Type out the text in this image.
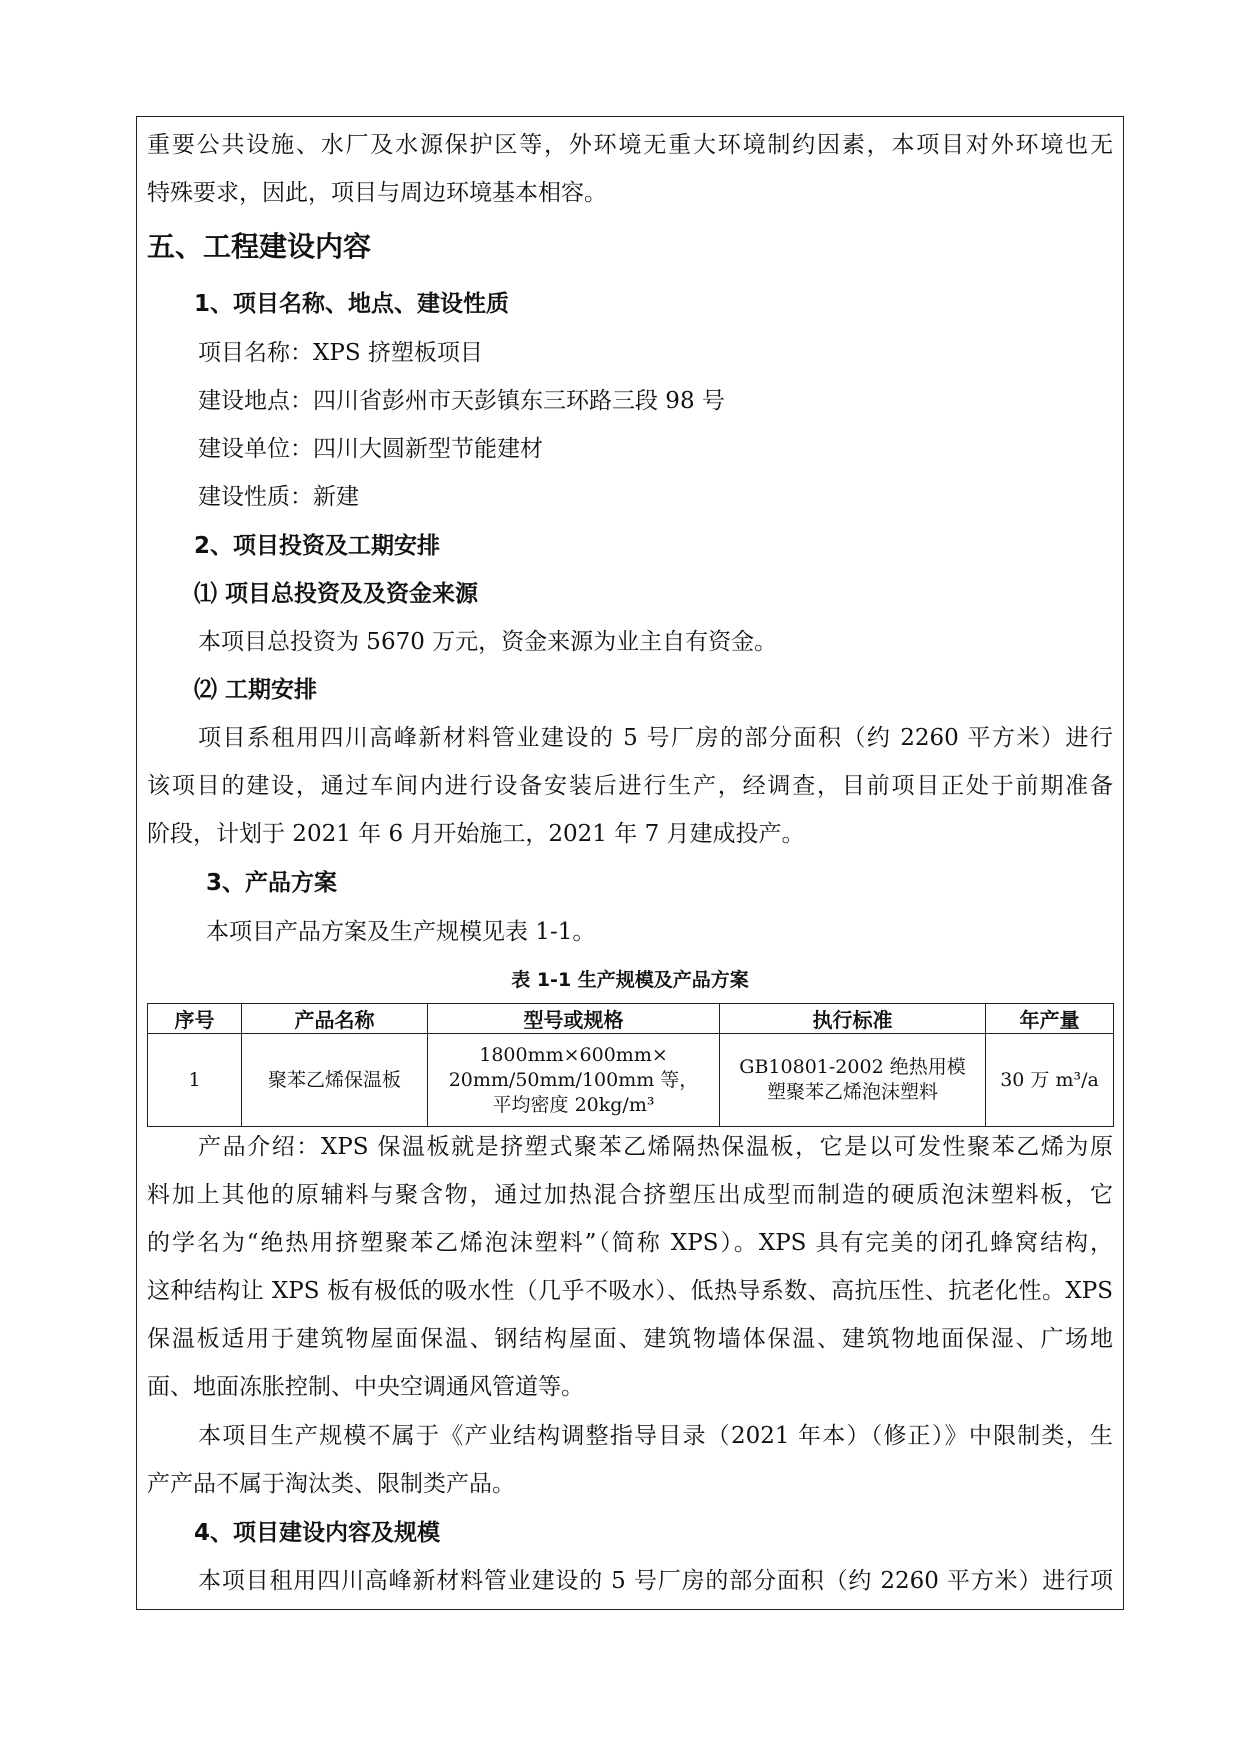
重要公共设施、水厂及水源保护区等，外环境无重大环境制约因素，本项目对外环境也无

特殊要求，因此，项目与周边环境基本相容。

五、工程建设内容
1、项目名称、地点、建设性质

项目名称：XPS 挤塑板项目

建设地点：四川省彭州市天彭镇东三环路三段 98 号

建设单位：四川大圆新型节能建材

建设性质：新建

2、项目投资及工期安排
⑴ 项目总投资及及资金来源

本项目总投资为 5670 万元，资金来源为业主自有资金。

⑵ 工期安排

项目系租用四川高峰新材料管业建设的 5 号厂房的部分面积（约 2260 平方米）进行

该项目的建设，通过车间内进行设备安装后进行生产，经调查，目前项目正处于前期准备

阶段，计划于 2021 年 6 月开始施工，2021 年 7 月建成投产。

3、产品方案

本项目产品方案及生产规模见表 1-1。

表 1-1 生产规模及产品方案

序号	产品名称	型号或规格	执行标准	年产量
1	聚苯乙烯保温板	1800mm×600mm×
20mm/50mm/100mm 等，
平均密度 20kg/m³	GB10801-2002 绝热用模
塑聚苯乙烯泡沫塑料	30 万 m³/a

产品介绍：XPS 保温板就是挤塑式聚苯乙烯隔热保温板，它是以可发性聚苯乙烯为原

料加上其他的原辅料与聚含物，通过加热混合挤塑压出成型而制造的硬质泡沫塑料板，它

的学名为“绝热用挤塑聚苯乙烯泡沫塑料”（简称 XPS）。XPS 具有完美的闭孔蜂窝结构，

这种结构让 XPS 板有极低的吸水性（几乎不吸水）、低热导系数、高抗压性、抗老化性。XPS

保温板适用于建筑物屋面保温、钢结构屋面、建筑物墙体保温、建筑物地面保湿、广场地

面、地面冻胀控制、中央空调通风管道等。

本项目生产规模不属于《产业结构调整指导目录（2021 年本）（修正）》中限制类，生

产产品不属于淘汰类、限制类产品。

4、项目建设内容及规模

本项目租用四川高峰新材料管业建设的 5 号厂房的部分面积（约 2260 平方米）进行项
